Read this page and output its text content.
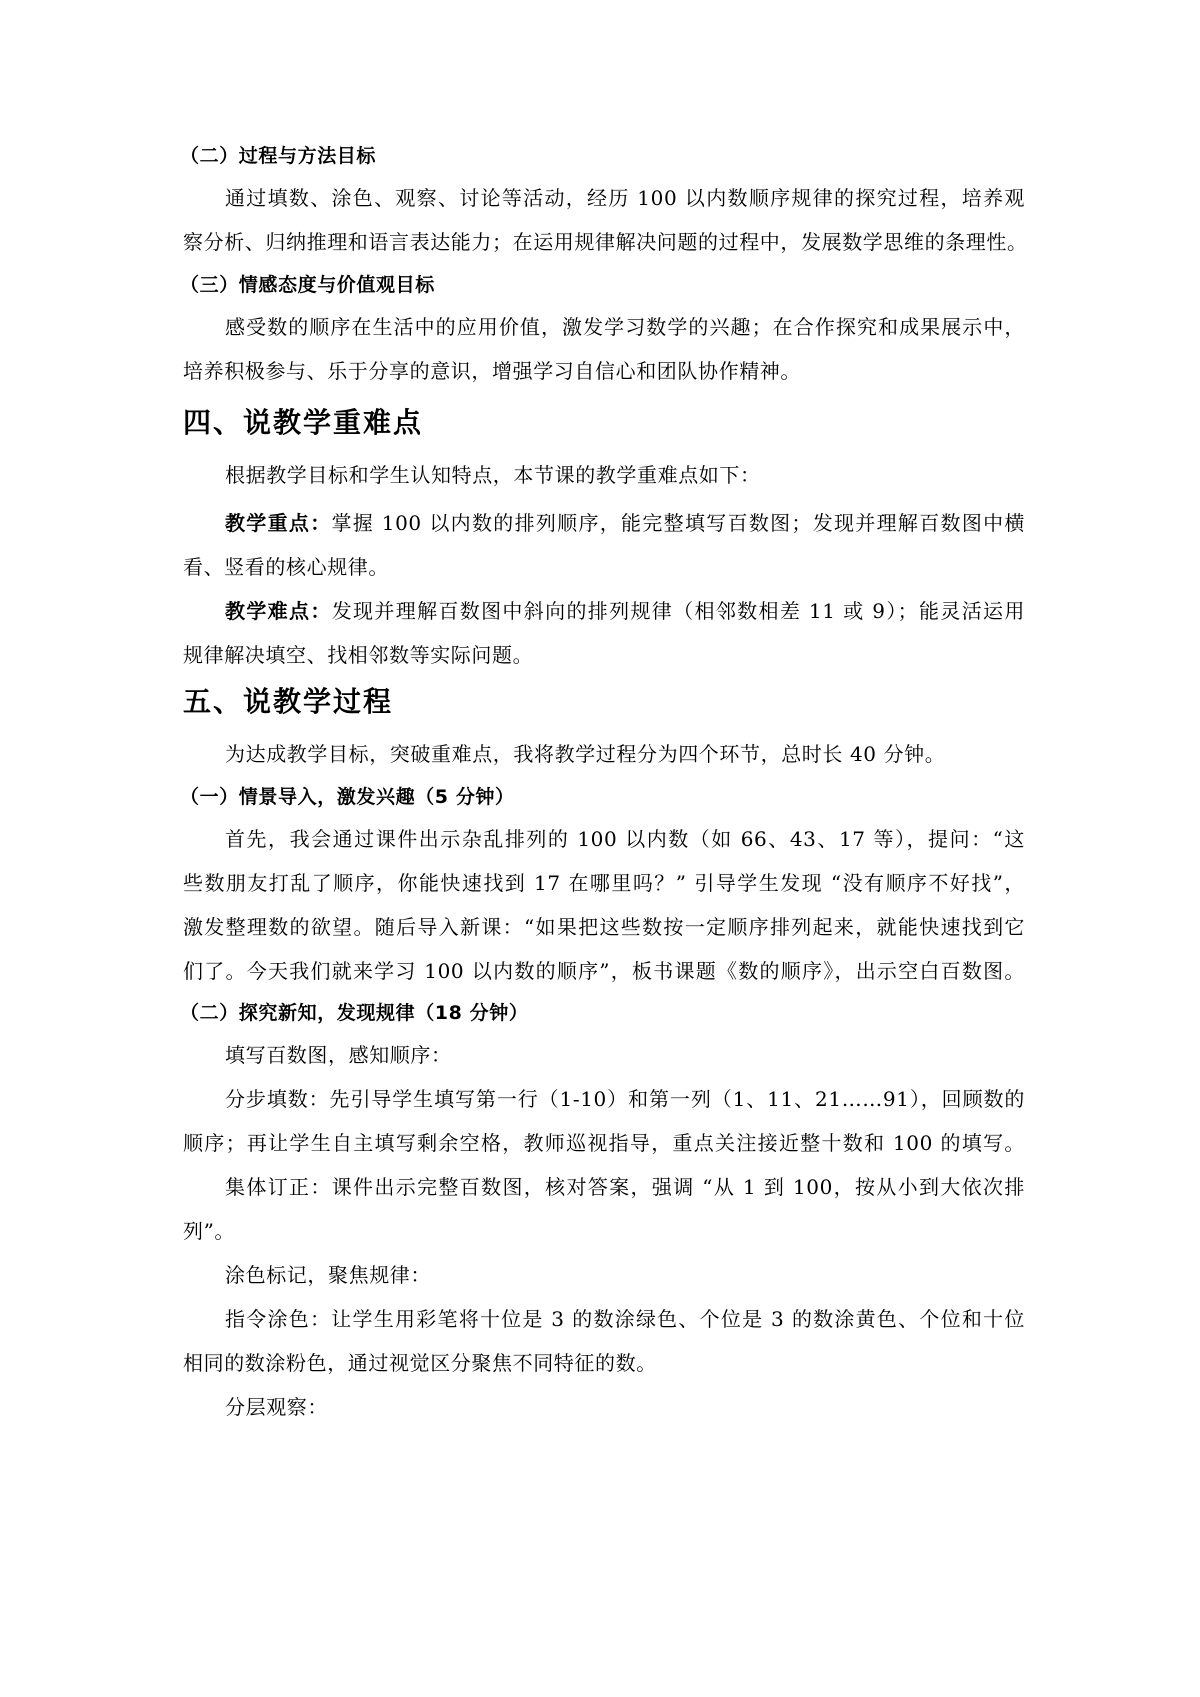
（二）过程与方法目标

通过填数、涂色、观察、讨论等活动，经历 100 以内数顺序规律的探究过程，培养观

察分析、归纳推理和语言表达能力；在运用规律解决问题的过程中，发展数学思维的条理性。

（三）情感态度与价值观目标

感受数的顺序在生活中的应用价值，激发学习数学的兴趣；在合作探究和成果展示中，

培养积极参与、乐于分享的意识，增强学习自信心和团队协作精神。

四、说教学重难点

根据教学目标和学生认知特点，本节课的教学重难点如下：

教学重点：掌握 100 以内数的排列顺序，能完整填写百数图；发现并理解百数图中横

看、竖看的核心规律。

教学难点：发现并理解百数图中斜向的排列规律（相邻数相差 11 或 9）；能灵活运用

规律解决填空、找相邻数等实际问题。

五、说教学过程

为达成教学目标，突破重难点，我将教学过程分为四个环节，总时长 40 分钟。

（一）情景导入，激发兴趣（5 分钟）

首先，我会通过课件出示杂乱排列的 100 以内数（如 66、43、17 等），提问：“这

些数朋友打乱了顺序，你能快速找到 17 在哪里吗？” 引导学生发现 “没有顺序不好找”，

激发整理数的欲望。随后导入新课：“如果把这些数按一定顺序排列起来，就能快速找到它

们了。今天我们就来学习 100 以内数的顺序”，板书课题《数的顺序》，出示空白百数图。

（二）探究新知，发现规律（18 分钟）

填写百数图，感知顺序：

分步填数：先引导学生填写第一行（1-10）和第一列（1、11、21……91），回顾数的

顺序；再让学生自主填写剩余空格，教师巡视指导，重点关注接近整十数和 100 的填写。

集体订正：课件出示完整百数图，核对答案，强调 “从 1 到 100，按从小到大依次排

列”。

涂色标记，聚焦规律：

指令涂色：让学生用彩笔将十位是 3 的数涂绿色、个位是 3 的数涂黄色、个位和十位

相同的数涂粉色，通过视觉区分聚焦不同特征的数。

分层观察：
